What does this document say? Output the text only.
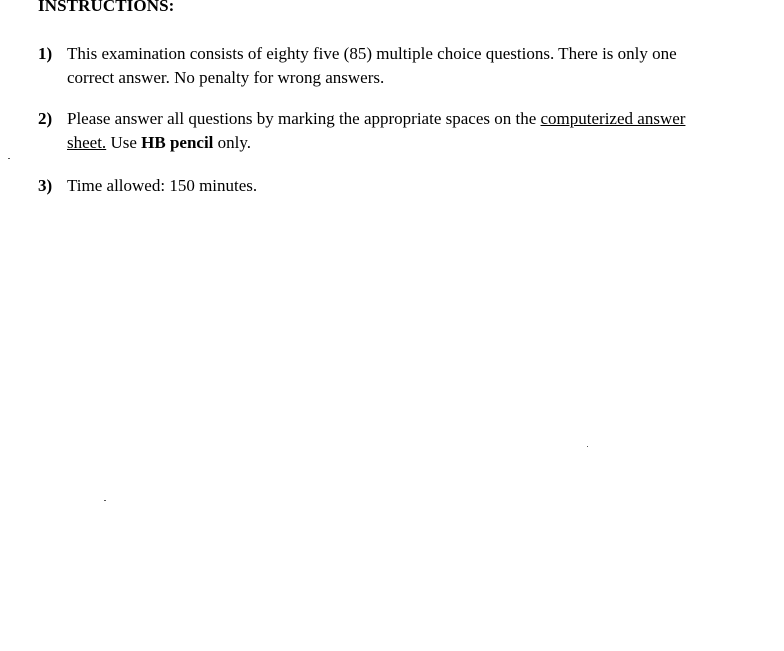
INSTRUCTIONS:
1) This examination consists of eighty five (85) multiple choice questions. There is only one
correct answer. No penalty for wrong answers.
2) Please answer all questions by marking the appropriate spaces on the computerized answer
sheet. Use HB pencil only.
3) Time allowed: 150 minutes.
